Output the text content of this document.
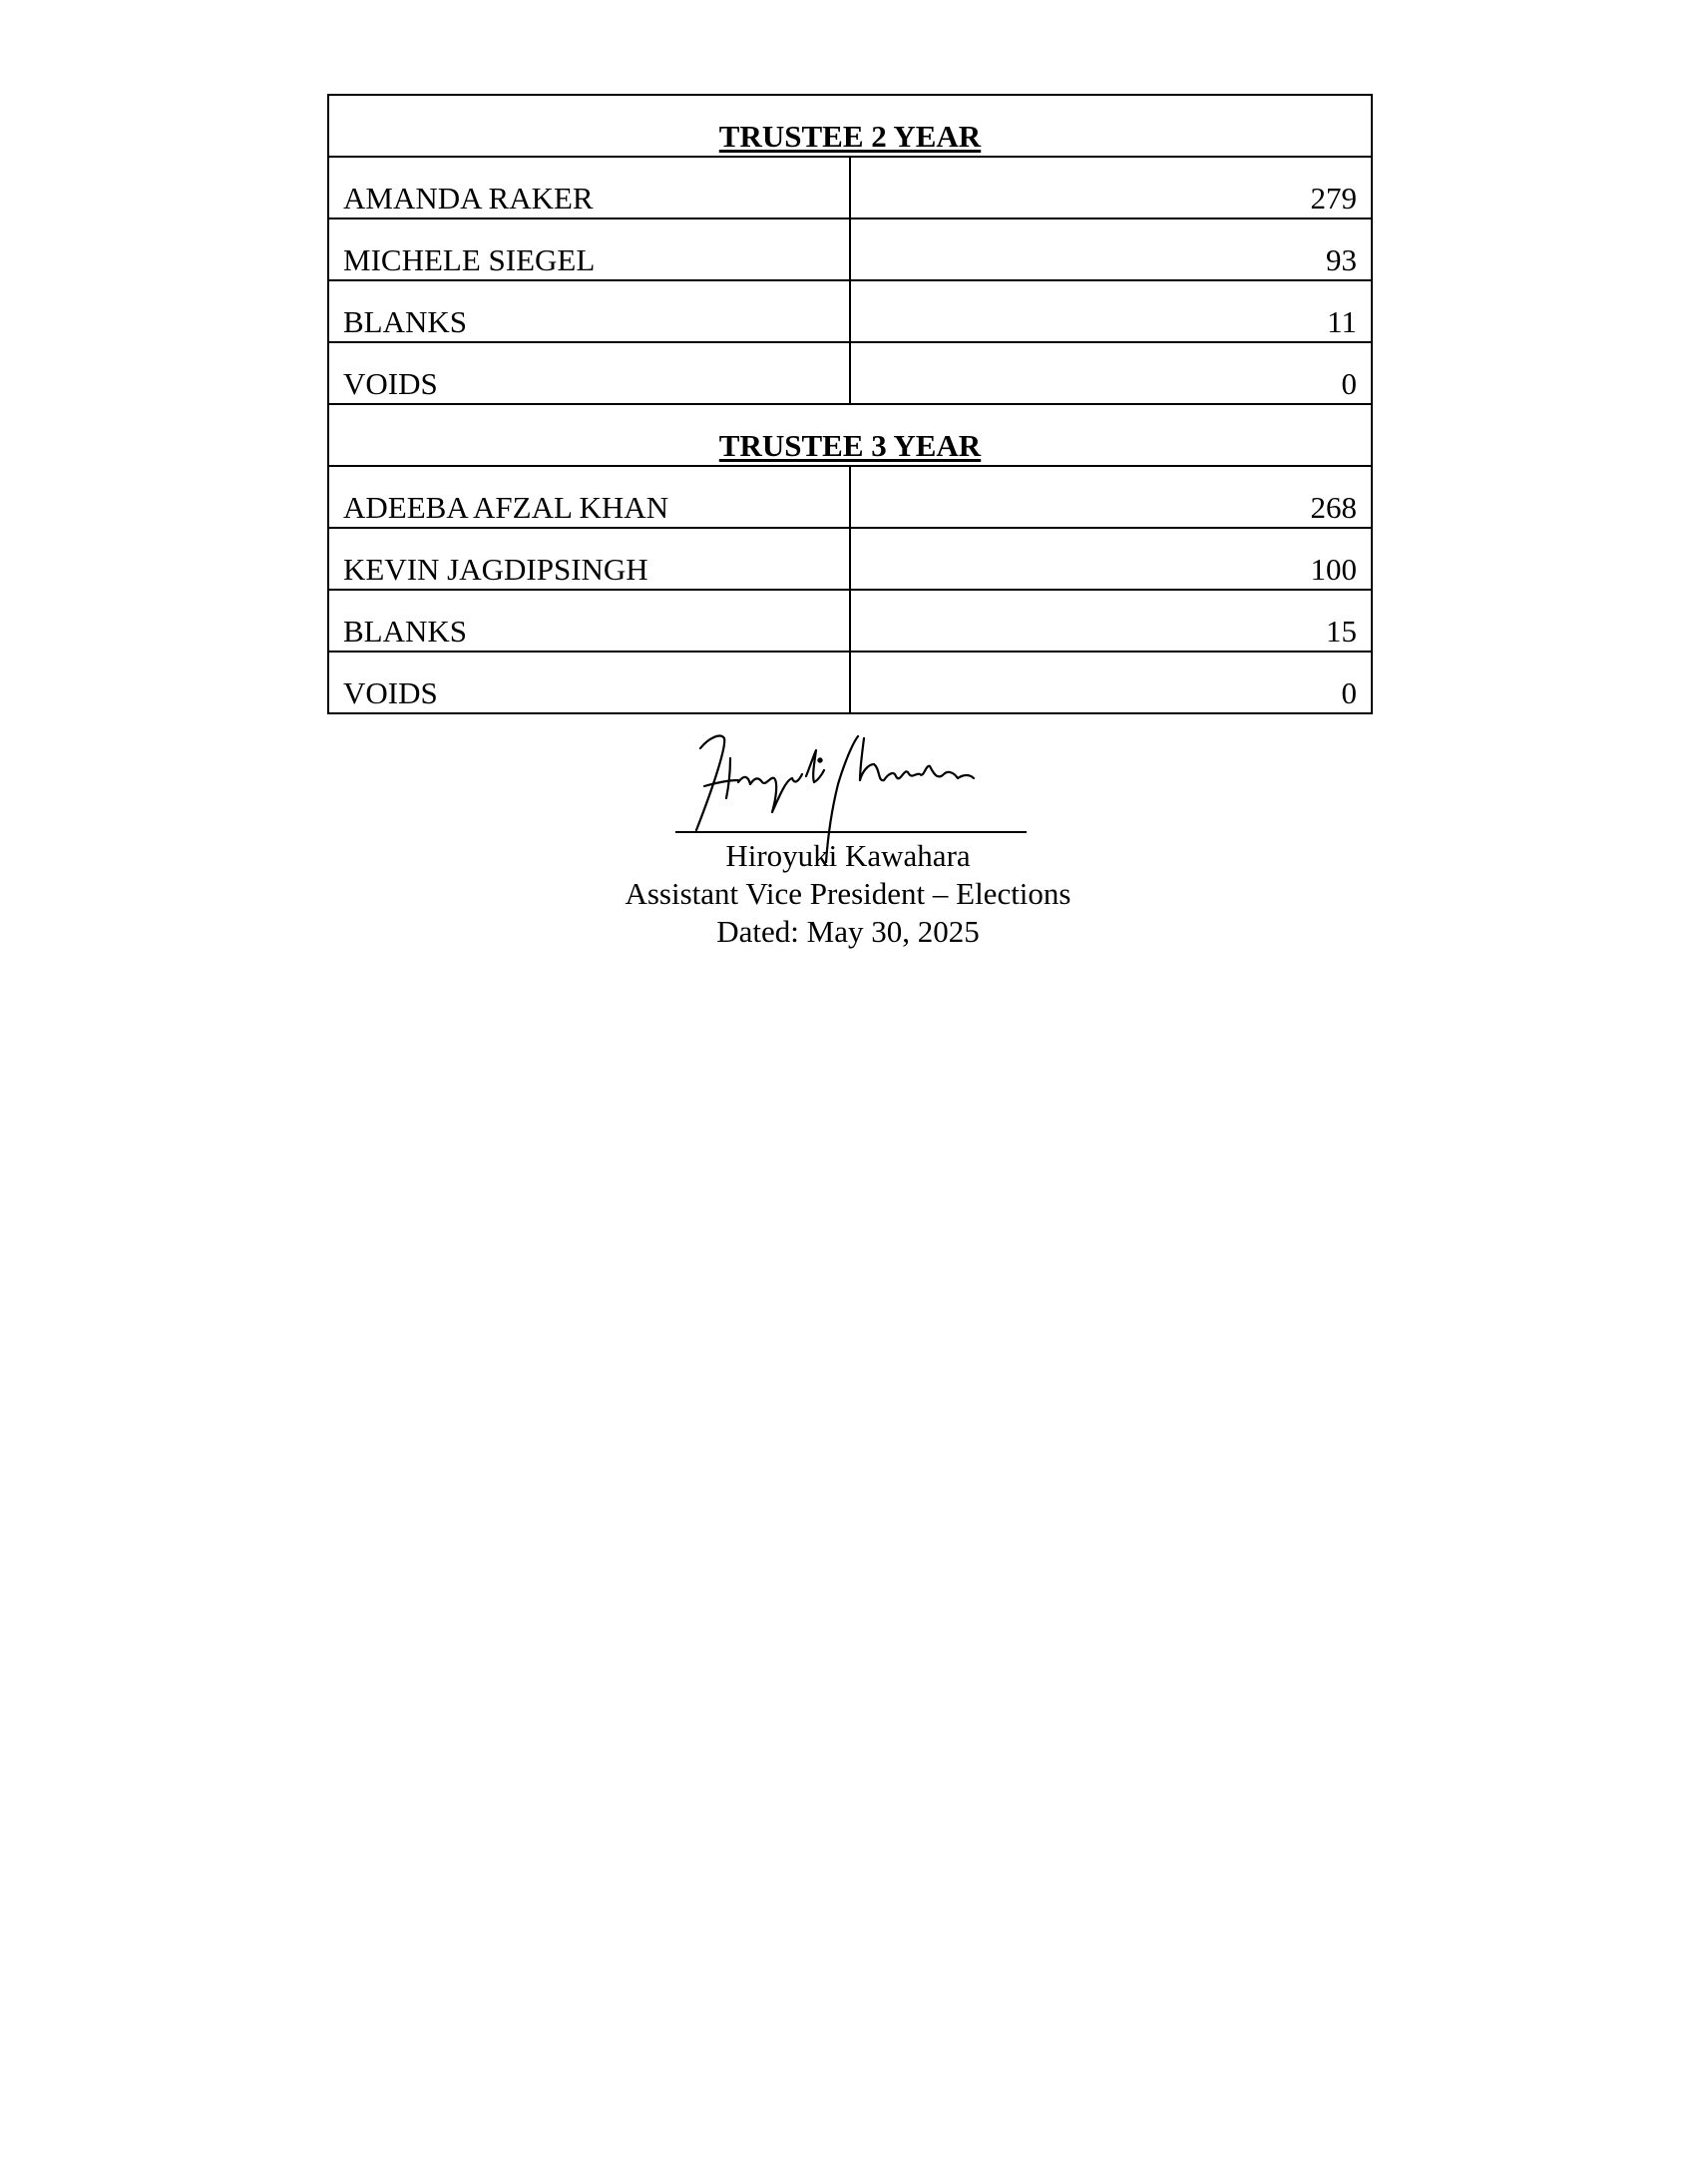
TRUSTEE 2 YEAR	
AMANDA RAKER	279
MICHELE SIEGEL	93
BLANKS	11
VOIDS	0
TRUSTEE 3 YEAR	
ADEEBA AFZAL KHAN	268
KEVIN JAGDIPSINGH	100
BLANKS	15
VOIDS	0
Hiroyuki Kawahara
Assistant Vice President – Elections
Dated: May 30, 2025
